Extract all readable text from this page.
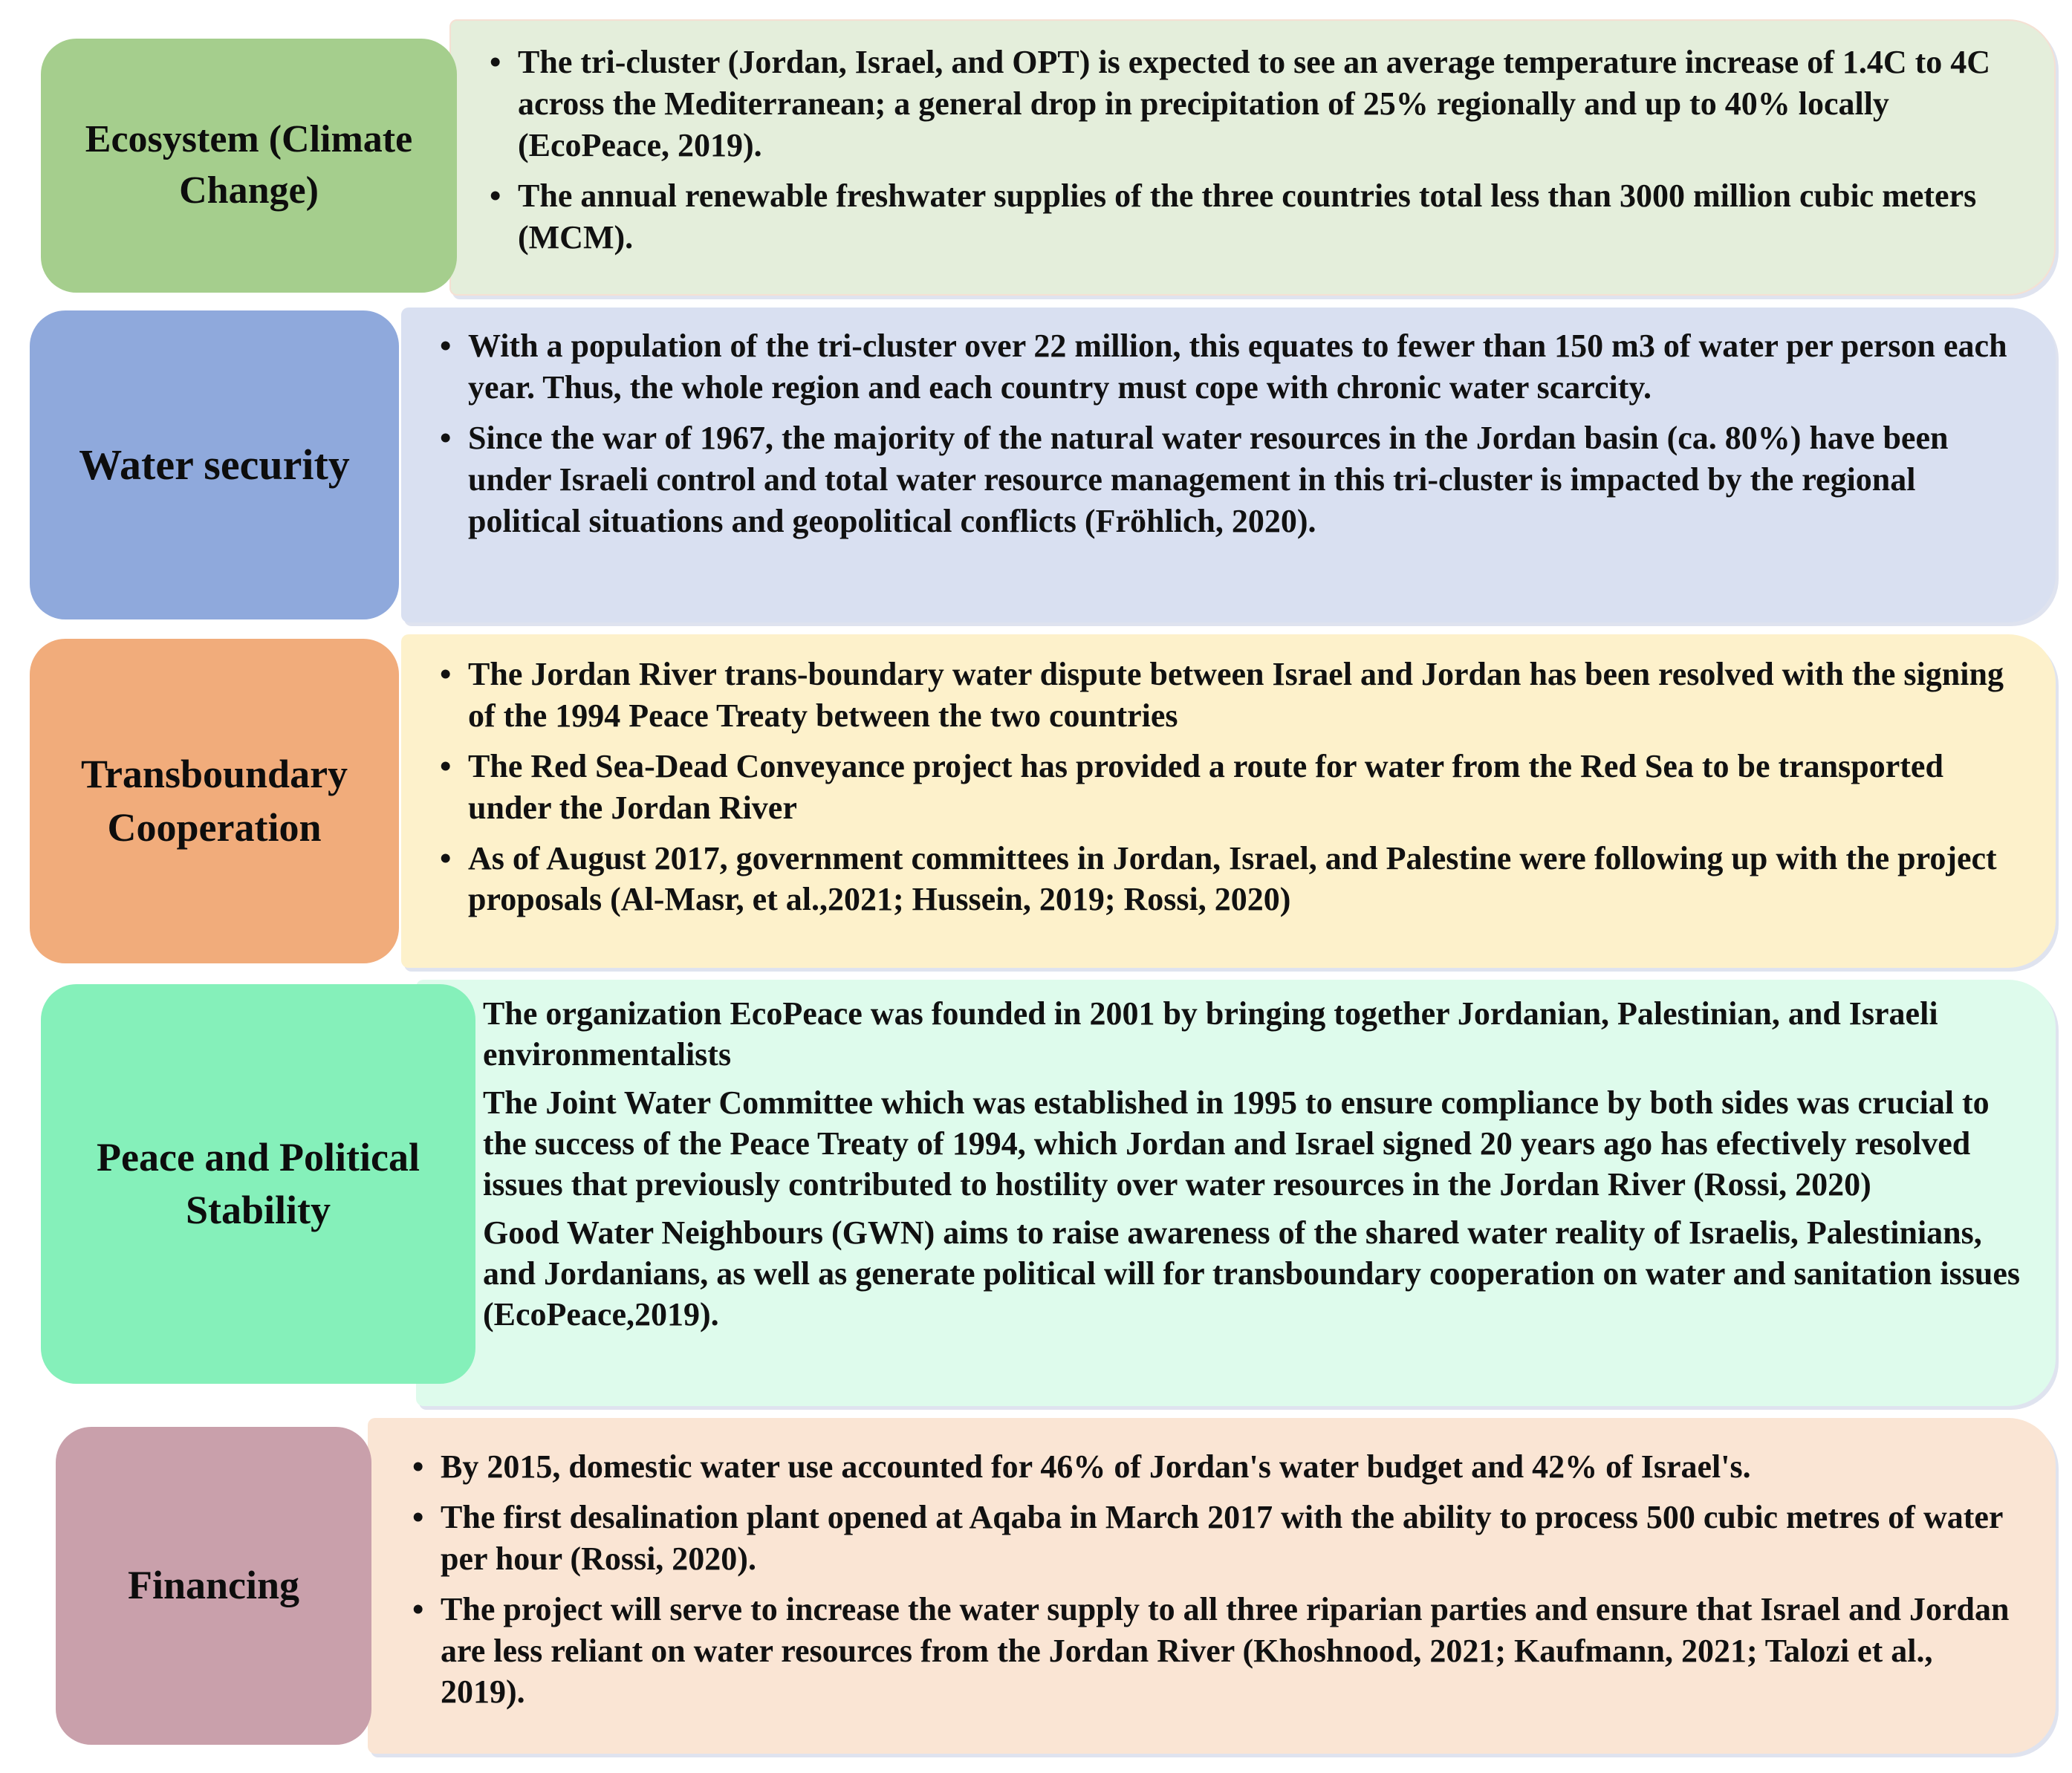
Ecosystem (Climate Change)
• The tri-cluster (Jordan, Israel, and OPT) is expected to see an average temperature increase of 1.4C to 4C across the Mediterranean; a general drop in precipitation of 25% regionally and up to 40% locally (EcoPeace, 2019).
• The annual renewable freshwater supplies of the three countries total less than 3000 million cubic meters (MCM).
Water security
• With a population of the tri-cluster over 22 million, this equates to fewer than 150 m3 of water per person each year. Thus, the whole region and each country must cope with chronic water scarcity.
• Since the war of 1967, the majority of the natural water resources in the Jordan basin (ca. 80%) have been under Israeli control and total water resource management in this tri-cluster is impacted by the regional political situations and geopolitical conflicts (Fröhlich, 2020).
Transboundary Cooperation
• The Jordan River trans-boundary water dispute between Israel and Jordan has been resolved with the signing of the 1994 Peace Treaty between the two countries
• The Red Sea-Dead Conveyance project has provided a route for water from the Red Sea to be transported under the Jordan River
• As of August 2017, government committees in Jordan, Israel, and Palestine were following up with the project proposals (Al-Masr, et al.,2021; Hussein, 2019; Rossi, 2020)
Peace and Political Stability
• The organization EcoPeace was founded in 2001 by bringing together Jordanian, Palestinian, and Israeli environmentalists
• The Joint Water Committee which was established in 1995 to ensure compliance by both sides was crucial to the success of the Peace Treaty of 1994, which Jordan and Israel signed 20 years ago has efectively resolved issues that previously contributed to hostility over water resources in the Jordan River (Rossi, 2020)
• Good Water Neighbours (GWN) aims to raise awareness of the shared water reality of Israelis, Palestinians, and Jordanians, as well as generate political will for transboundary cooperation on water and sanitation issues (EcoPeace,2019).
Financing
• By 2015, domestic water use accounted for 46% of Jordan's water budget and 42% of Israel's.
• The first desalination plant opened at Aqaba in March 2017 with the ability to process 500 cubic metres of water per hour (Rossi, 2020).
• The project will serve to increase the water supply to all three riparian parties and ensure that Israel and Jordan are less reliant on water resources from the Jordan River (Khoshnood, 2021; Kaufmann, 2021; Talozi et al., 2019).
